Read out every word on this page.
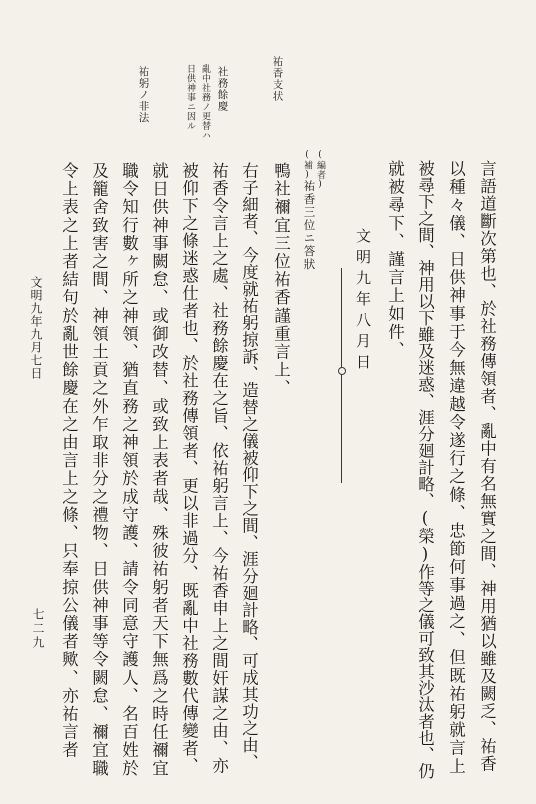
祐香支状
社務餘慶
亂中社務ノ更替ハ
日供神事ニ因ル
祐躬ノ非法
言語道斷次第也、於社務傳領者、亂中有名無實之間、神用猶以雖及闕乏、祐香
以種々儀、日供神事于今無違越令遂行之條、忠節何事過之、但既祐躬就言上
被尋下之間、神用以下雖及迷惑、涯分廻計略、(榮)作等之儀可致其沙汰者也、仍
就被尋下、謹言上如件、
文明九年八月日
(編者)
(補)
祐香三位ニ答狀
鴨社禰宜三位祐香謹重言上、
右子細者、今度就祐躬掠訴、造替之儀被仰下之間、涯分廻計略、可成其功之由、
祐香令言上之處、社務餘慶在之旨、依祐躬言上、今祐香申上之間奸謀之由、亦
被仰下之條迷惑仕者也、於社務傳領者、更以非過分、既亂中社務數代傳變者、
就日供神事闕怠、或御改替、或致上表者哉、殊彼祐躬者天下無爲之時任禰宜
職令知行數ヶ所之神領、猶直務之神領於成守護、請令同意守護人、名百姓於
及籠舍致害之間、神領土貢之外乍取非分之禮物、日供神事等令闕怠、禰宜職
令上表之上者結句於亂世餘慶在之由言上之條、只奉掠公儀者歟、亦祐言者
文明九年九月七日
七二九
